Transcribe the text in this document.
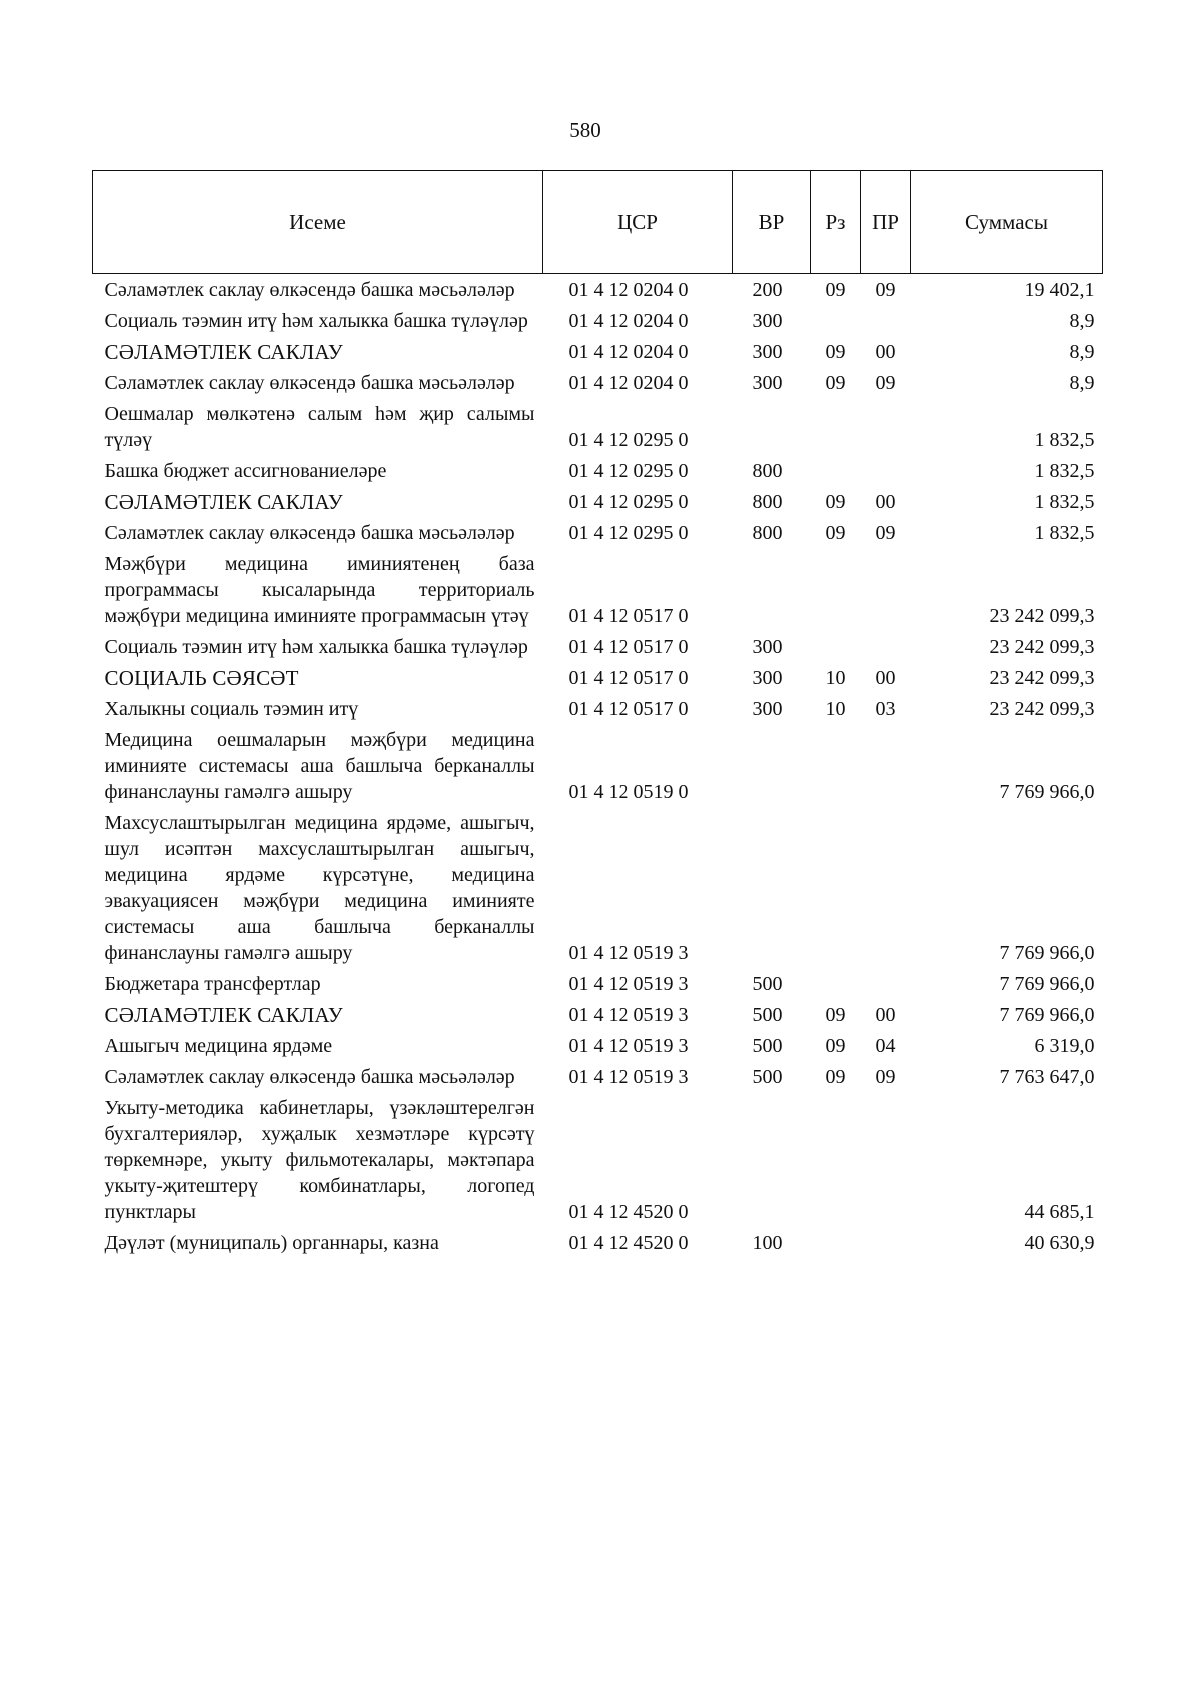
580
Исеме	ЦСР	ВР	Рз	ПР	Суммасы
Сәламәтлек саклау өлкәсендә башка мәсьәләләр	01 4 12 0204 0	200	09	09	19 402,1
Социаль тәэмин итү һәм халыкка башка түләүләр	01 4 12 0204 0	300			8,9
СӘЛАМӘТЛЕК САКЛАУ	01 4 12 0204 0	300	09	00	8,9
Сәламәтлек саклау өлкәсендә башка мәсьәләләр	01 4 12 0204 0	300	09	09	8,9
Оешмалар мөлкәтенә салым һәм җир салымы түләү	01 4 12 0295 0				1 832,5
Башка бюджет ассигнованиеләре	01 4 12 0295 0	800			1 832,5
СӘЛАМӘТЛЕК САКЛАУ	01 4 12 0295 0	800	09	00	1 832,5
Сәламәтлек саклау өлкәсендә башка мәсьәләләр	01 4 12 0295 0	800	09	09	1 832,5
Мәҗбүри медицина иминиятенең база программасы кысаларында территориаль мәҗбүри медицина иминияте программасын үтәү	01 4 12 0517 0				23 242 099,3
Социаль тәэмин итү һәм халыкка башка түләүләр	01 4 12 0517 0	300			23 242 099,3
СОЦИАЛЬ СӘЯСӘТ	01 4 12 0517 0	300	10	00	23 242 099,3
Халыкны социаль тәэмин итү	01 4 12 0517 0	300	10	03	23 242 099,3
Медицина оешмаларын мәҗбүри медицина иминияте системасы аша башлыча берканаллы финанслауны гамәлгә ашыру	01 4 12 0519 0				7 769 966,0
Махсуслаштырылган медицина ярдәме, ашыгыч, шул исәптән махсуслаштырылган ашыгыч, медицина ярдәме күрсәтүне, медицина эвакуациясен мәҗбүри медицина иминияте системасы аша башлыча берканаллы финанслауны гамәлгә ашыру	01 4 12 0519 3				7 769 966,0
Бюджетара трансфертлар	01 4 12 0519 3	500			7 769 966,0
СӘЛАМӘТЛЕК САКЛАУ	01 4 12 0519 3	500	09	00	7 769 966,0
Ашыгыч медицина ярдәме	01 4 12 0519 3	500	09	04	6 319,0
Сәламәтлек саклау өлкәсендә башка мәсьәләләр	01 4 12 0519 3	500	09	09	7 763 647,0
Укыту-методика кабинетлары, үзәкләштерелгән бухгалтерияләр, хуҗалык хезмәтләре күрсәтү төркемнәре, укыту фильмотекалары, мәктәпара укыту-җитештерү комбинатлары, логопед пунктлары	01 4 12 4520 0				44 685,1
Дәүләт (муниципаль) органнары, казна	01 4 12 4520 0	100			40 630,9
